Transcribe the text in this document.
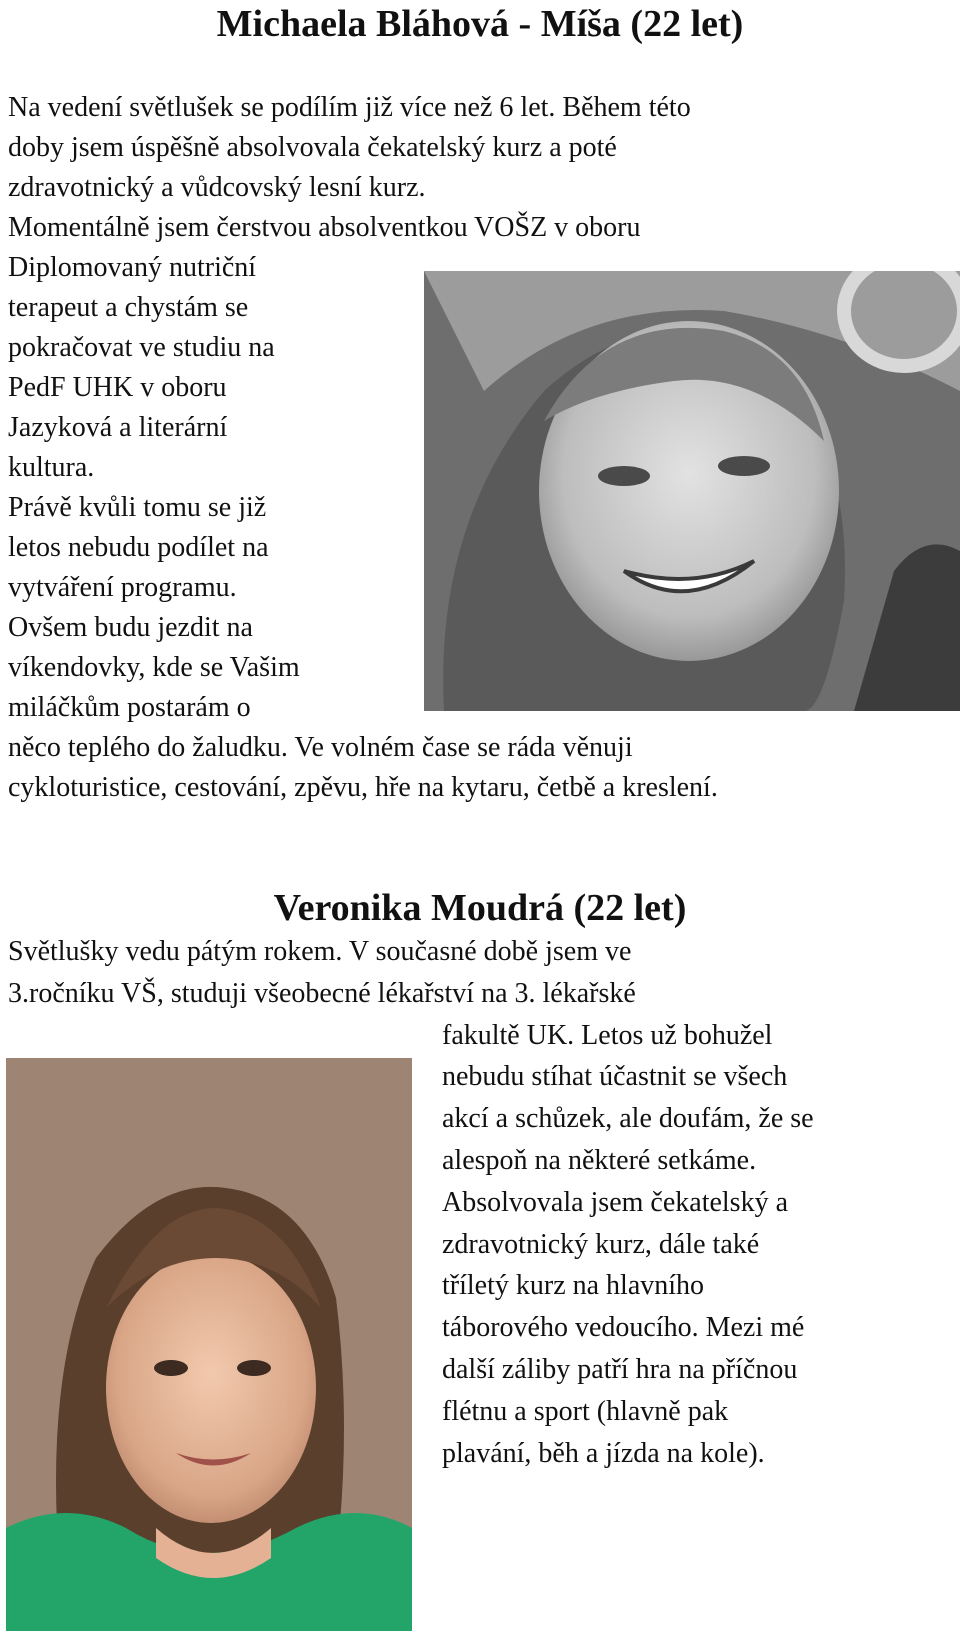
Michaela Bláhová - Míša (22 let)
Na vedení světlušek se podílím již více než 6 let. Během této
doby jsem úspěšně absolvovala čekatelský kurz a poté
zdravotnický a vůdcovský lesní kurz.
Momentálně jsem čerstvou absolventkou VOŠZ v oboru
Diplomovaný nutriční
terapeut a chystám se
pokračovat ve studiu na
PedF UHK v oboru
Jazyková a literární
kultura.
Právě kvůli tomu se již
letos nebudu podílet na
vytváření programu.
Ovšem budu jezdit na
víkendovky, kde se Vašim
miláčkům postarám o
něco teplého do žaludku. Ve volném čase se ráda věnuji
cykloturistice, cestování, zpěvu, hře na kytaru, četbě a kreslení.
Veronika Moudrá (22 let)
Světlušky vedu pátým rokem. V současné době jsem ve
3.ročníku VŠ, studuji všeobecné lékařství na 3. lékařské
fakultě UK. Letos už bohužel
nebudu stíhat účastnit se všech
akcí a schůzek, ale doufám, že se
alespoň na některé setkáme.
Absolvovala jsem čekatelský a
zdravotnický kurz, dále také
tříletý kurz na hlavního
táborového vedoucího. Mezi mé
další záliby patří hra na příčnou
flétnu a sport (hlavně pak
plavání, běh a jízda na kole).
